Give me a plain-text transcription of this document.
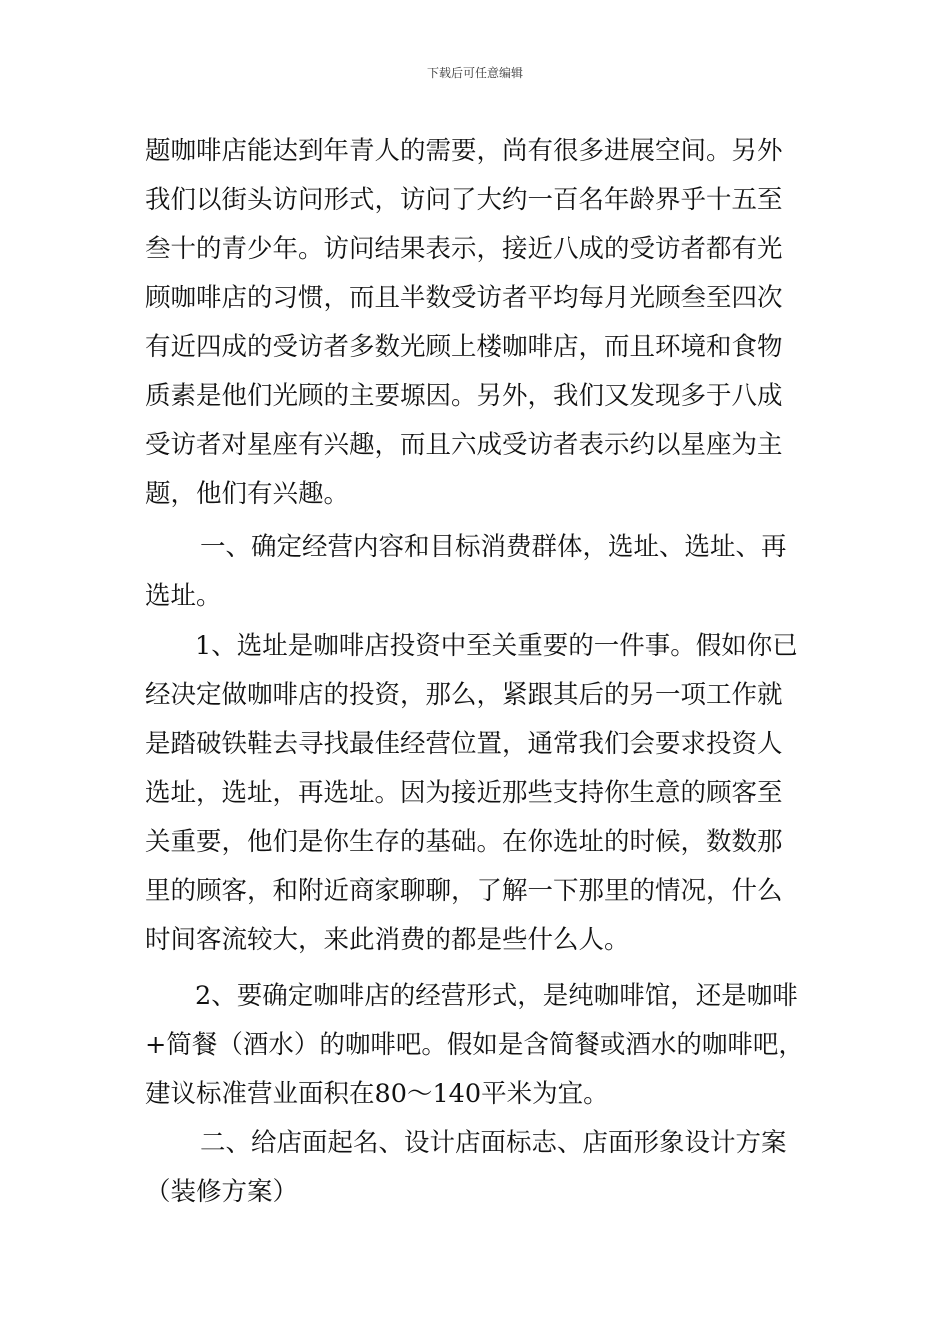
下载后可任意编辑
题咖啡店能达到年青人的需要，尚有很多进展空间。另外
我们以街头访问形式，访问了大约一百名年龄界乎十五至
叁十的青少年。访问结果表示，接近八成的受访者都有光
顾咖啡店的习惯，而且半数受访者平均每月光顾叁至四次
有近四成的受访者多数光顾上楼咖啡店，而且环境和食物
质素是他们光顾的主要塬因。另外，我们又发现多于八成
受访者对星座有兴趣，而且六成受访者表示约以星座为主
题，他们有兴趣。
一、确定经营内容和目标消费群体，选址、选址、再
选址。
1、选址是咖啡店投资中至关重要的一件事。假如你已
经决定做咖啡店的投资，那么，紧跟其后的另一项工作就
是踏破铁鞋去寻找最佳经营位置，通常我们会要求投资人
选址，选址，再选址。因为接近那些支持你生意的顾客至
关重要，他们是你生存的基础。在你选址的时候，数数那
里的顾客，和附近商家聊聊，了解一下那里的情况，什么
时间客流较大，来此消费的都是些什么人。
2、要确定咖啡店的经营形式，是纯咖啡馆，还是咖啡
+简餐（酒水）的咖啡吧。假如是含简餐或酒水的咖啡吧，
建议标准营业面积在80～140平米为宜。
二、给店面起名、设计店面标志、店面形象设计方案
（装修方案）
